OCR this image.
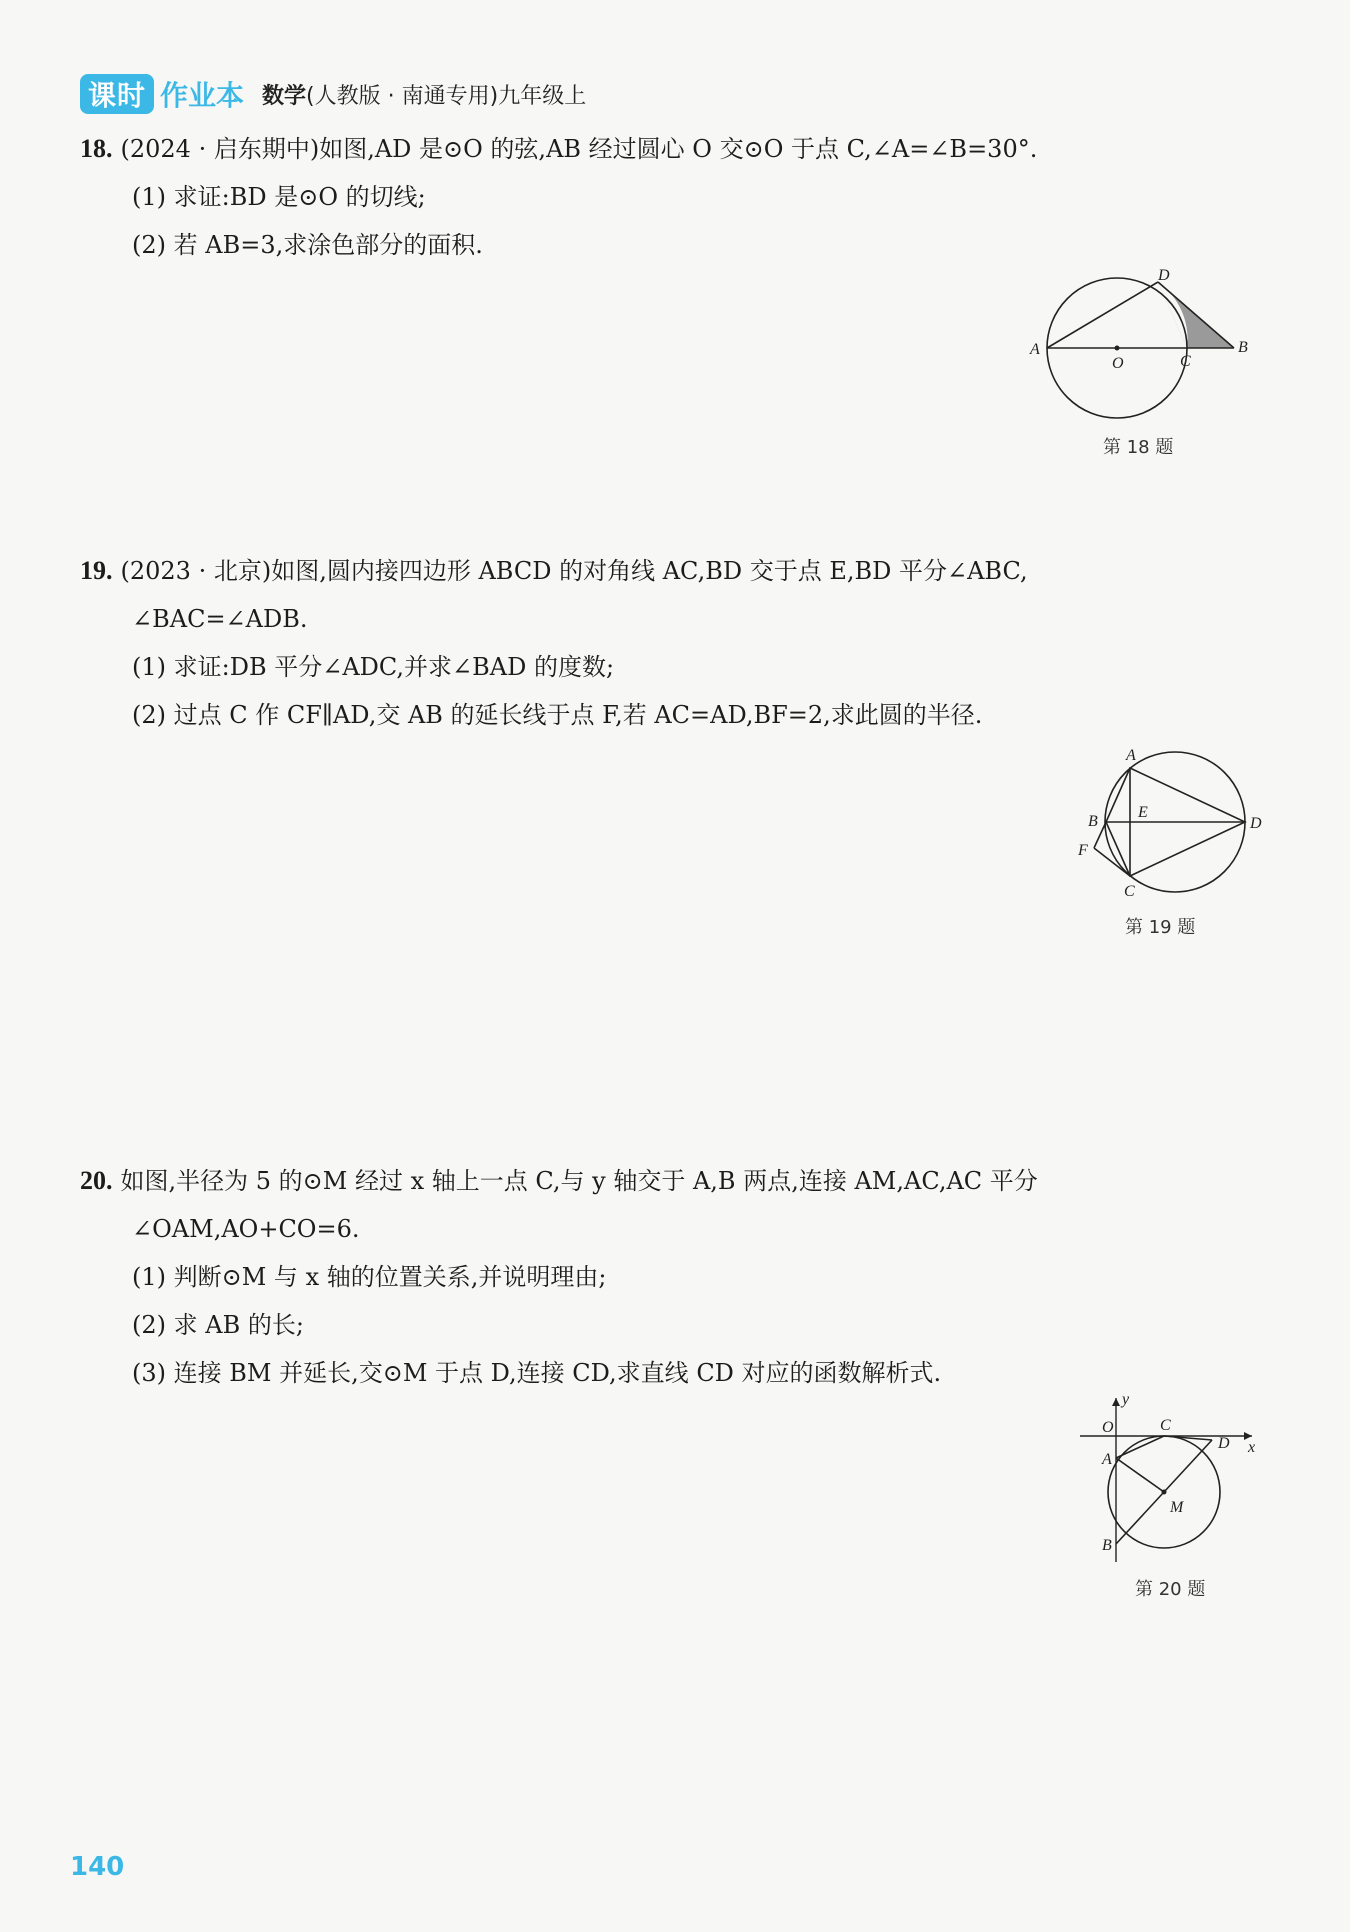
课时 作业本 数学(人教版 · 南通专用)九年级上
18. (2024 · 启东期中)如图,AD 是⊙O 的弦,AB 经过圆心 O 交⊙O 于点 C,∠A=∠B=30°.
(1) 求证:BD 是⊙O 的切线;
(2) 若 AB=3,求涂色部分的面积.
A	B
C
D
O
第 18 题
19. (2023 · 北京)如图,圆内接四边形 ABCD 的对角线 AC,BD 交于点 E,BD 平分∠ABC,
∠BAC=∠ADB.
(1) 求证:DB 平分∠ADC,并求∠BAD 的度数;
(2) 过点 C 作 CF∥AD,交 AB 的延长线于点 F,若 AC=AD,BF=2,求此圆的半径.
A
B
C
D
E
F
第 19 题
20. 如图,半径为 5 的⊙M 经过 x 轴上一点 C,与 y 轴交于 A,B 两点,连接 AM,AC,AC 平分
∠OAM,AO+CO=6.
(1) 判断⊙M 与 x 轴的位置关系,并说明理由;
(2) 求 AB 的长;
(3) 连接 BM 并延长,交⊙M 于点 D,连接 CD,求直线 CD 对应的函数解析式.
O	C
A
D
M
B
x
y
第 20 题
140
